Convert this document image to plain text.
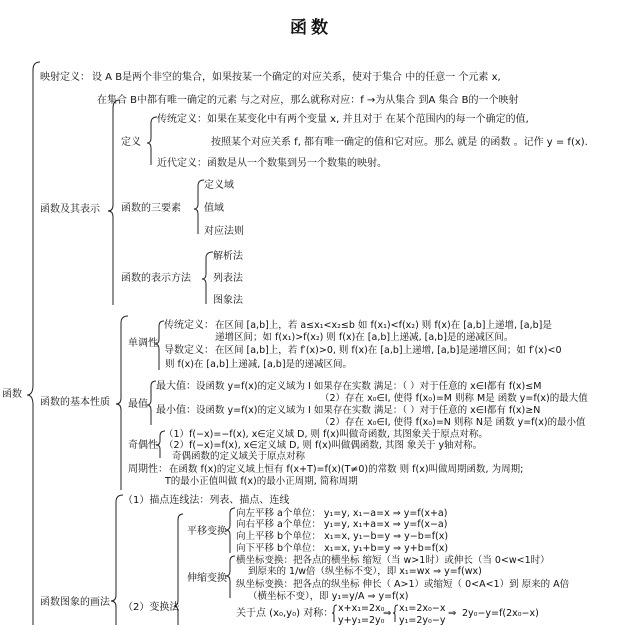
函数
函数
映射定义： 设 A B是两个非空的集合，如果按某一个确定的对应关系，使对于集合 中的任意一 个元素 x,
在集合 B中都有唯一确定的元素 与之对应，那么就称对应：f →为从集合 到A 集合 B的一个映射
函数及其表示
定义
传统定义： 如果在某变化中有两个变量 x, 并且对于 在某个范围内的每一个确定的值,
按照某个对应关系 f, 都有唯一确定的值和它对应。那么 就是 的函数 。记作 y = f(x).
近代定义： 函数是从一个数集到另一个数集的映射。
函数的三要素
定义域
值域
对应法则
函数的表示方法
解析法
列表法
图象法
函数的基本性质
单调性
传统定义： 在区间 [a,b]上，若 a≤x₁<x₂≤b 如 f(x₁)<f(x₂) 则 f(x)在 [a,b]上递增, [a,b]是
递增区间；如 f(x₁)>f(x₂) 则 f(x)在 [a,b]上递减, [a,b]是的递减区间。
导数定义： 在区间 [a,b]上，若 f′(x)>0, 则 f(x)在 [a,b]上递增, [a,b]是递增区间；如 f′(x)<0
则 f(x)在 [a,b]上递减, [a,b]是的递减区间。
最值
最大值： 设函数 y=f(x)的定义域为 I 如果存在实数 满足：（ ）对于任意的 x∈I都有 f(x)≤M
（2）存在 x₀∈I, 使得 f(x₀)=M 则称 M是 函数 y=f(x)的最大值
最小值： 设函数 y=f(x)的定义域为 I 如果存在实数 满足：（ ）对于任意的 x∈I都有 f(x)≥N
（2）存在 x₀∈I, 使得 f(x₀)=N 则称 N是 函数 y=f(x)的最小值
奇偶性
（1）f(−x)=−f(x), x∈定义域 D, 则 f(x)叫做奇函数, 其图象关于原点对称。
（2）f(−x)=f(x), x∈定义域 D, 则 f(x)叫做偶函数, 其图 象关于 y轴对称。
奇偶函数的定义域关于原点对称
周期性： 在函数 f(x)的定义域上恒有 f(x+T)=f(x)(T≠0)的常数 则 f(x)叫做周期函数, 为周期;
T的最小正值叫做 f(x)的最小正周期, 简称周期
函数图象的画法
（1）描点连线法：列表、描点、连线
（2）变换法
平移变换
向左平移 a个单位： y₁=y, x₁−a=x ⇒ y=f(x+a)
向右平移 a个单位： y₁=y, x₁+a=x ⇒ y=f(x−a)
向上平移 b个单位： x₁=x, y₁−b=y ⇒ y−b=f(x)
向下平移 b个单位： x₁=x, y₁+b=y ⇒ y+b=f(x)
伸缩变换
横坐标变换：把各点的横坐标 缩短（当 w>1时）或伸长（当 0<w<1时）
到原来的 1/w倍（纵坐标不变），即 x₁=wx ⇒ y=f(wx)
纵坐标变换：把各点的纵坐标 伸长（ A>1）或缩短（ 0<A<1）到 原来的 A倍
（横坐标不变），即 y₁=y/A ⇒ y=f(x)
关于点 (x₀,y₀) 对称： x+x₁=2x₀
y+y₁=2y₀
⇒ x₁=2x₀−x
y₁=2y₀−y
⇒ 2y₀−y=f(2x₀−x)
